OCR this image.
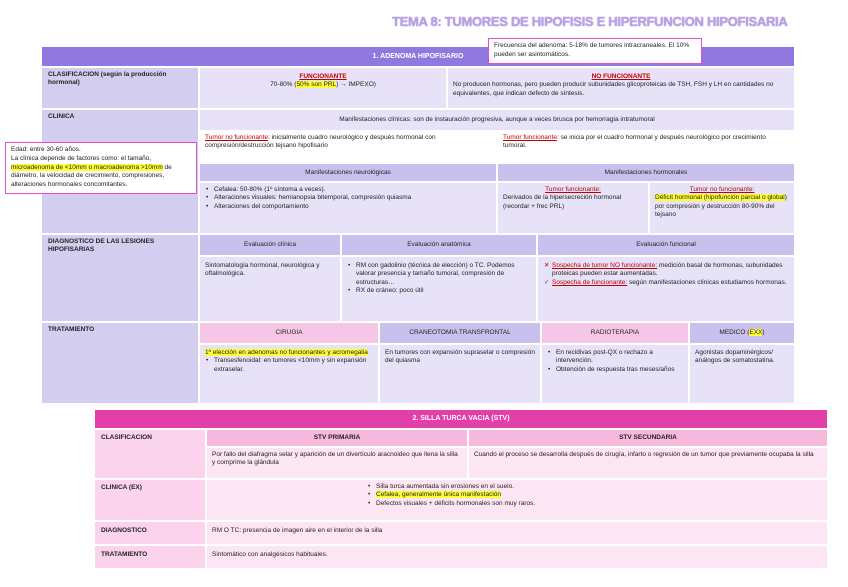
TEMA 8: TUMORES DE HIPOFISIS E HIPERFUNCION HIPOFISARIA
1. ADENOMA HIPOFISARIO
CLASIFICACION (según la producción hormonal)
FUNCIONANTE
70-80% (50% son PRL) → IMPEXO)
NO FUNCIONANTE
No producen hormonas, pero pueden producir subunidades glicoproteicas de TSH, FSH y LH en cantidades no equivalentes, que indican defecto de síntesis.
CLINICA	Manifestaciones clínicas: son de instauración progresiva, aunque a veces brusca por hemorragia intratumoral
Tumor no funcionante: inicialmente cuadro neurológico y después hormonal con compresión/destrucción tejsano hipofisario
Tumor funcionante: se inicia por el cuadro hormonal y después neurológico por crecimiento tumoral.
Manifestaciones neurológicas	Manifestaciones hormonales
• Cefalea: 50-80% (1º síntoma a veces).
• Alteraciones visuales: hemianopsia bitemporal, compresión quiasma
• Alteraciones del comportamiento
Tumor funcionante:
Derivados de la hipersecreción hormonal (recordar + frec PRL)
Tumor no funcionante:
Déficit hormonal (hipofunción parcial o global) por compresión y destrucción 80-90% del tejsano
DIAGNOSTICO DE LAS LESIONES HIPOFISARIAS
Evaluación clínica	Evaluación anatómica	Evaluación funcional
Sintomatología hormonal, neurológica y oftalmológica.
• RM con gadolinio (técnica de elección) o TC. Podemos valorar presencia y tamaño tumoral, compresión de estructuras…
• RX de cráneo: poco útil
✕ Sospecha de tumor NO funcionante: medición basal de hormonas, subunidades proteicas pueden estar aumentadas.
✓ Sospecha de funcionante: según manifestaciones clínicas estudiamos hormonas.
TRATAMIENTO	CIRUGIA	CRANEOTOMIA TRANSFRONTAL	RADIOTERAPIA	MEDICO (EXX)
1º elección en adenomas no funcionantes y acromegalia
• Transesfenoidal: en tumores <10mm y sin expansión extraselar.
En tumores con expansión supraselar o compresión del quiasma
• En recidivas post-QX o rechazo a intervención.
• Obtención de respuesta tras meses/años
Agonistas dopaminérgicos/ análogos de somatostatina.
Frecuencia del adenoma: 5-18% de tumores intracraneales. El 10% pueden ser asintomáticos.
Edad: entre 30-60 años.
La clínica depende de factores como: el tamaño, microadenoma de <10mm o macroadenoma >10mm de diámetro, la velocidad de crecimiento, compresiones, alteraciones hormonales concomitantes.
2. SILLA TURCA VACIA (STV)
CLASIFICACION	STV PRIMARIA	STV SECUNDARIA
Por fallo del diafragma selar y aparición de un divertículo aracnoideo que llena la silla y comprime la glándula
Cuando el proceso se desarrolla después de cirugía, infarto o regresión de un tumor que previamente ocupaba la silla
CLINICA (EX)
•	Silla turca aumentada sin erosiones en el suelo.
• Cefalea, generalmente única manifestación
• Defectos visuales + déficits hormonales son muy raros.
DIAGNOSTICO	RM O TC: presencia de imagen aire en el interior de la silla
TRATAMIENTO	Sintomático con analgésicos habituales.
